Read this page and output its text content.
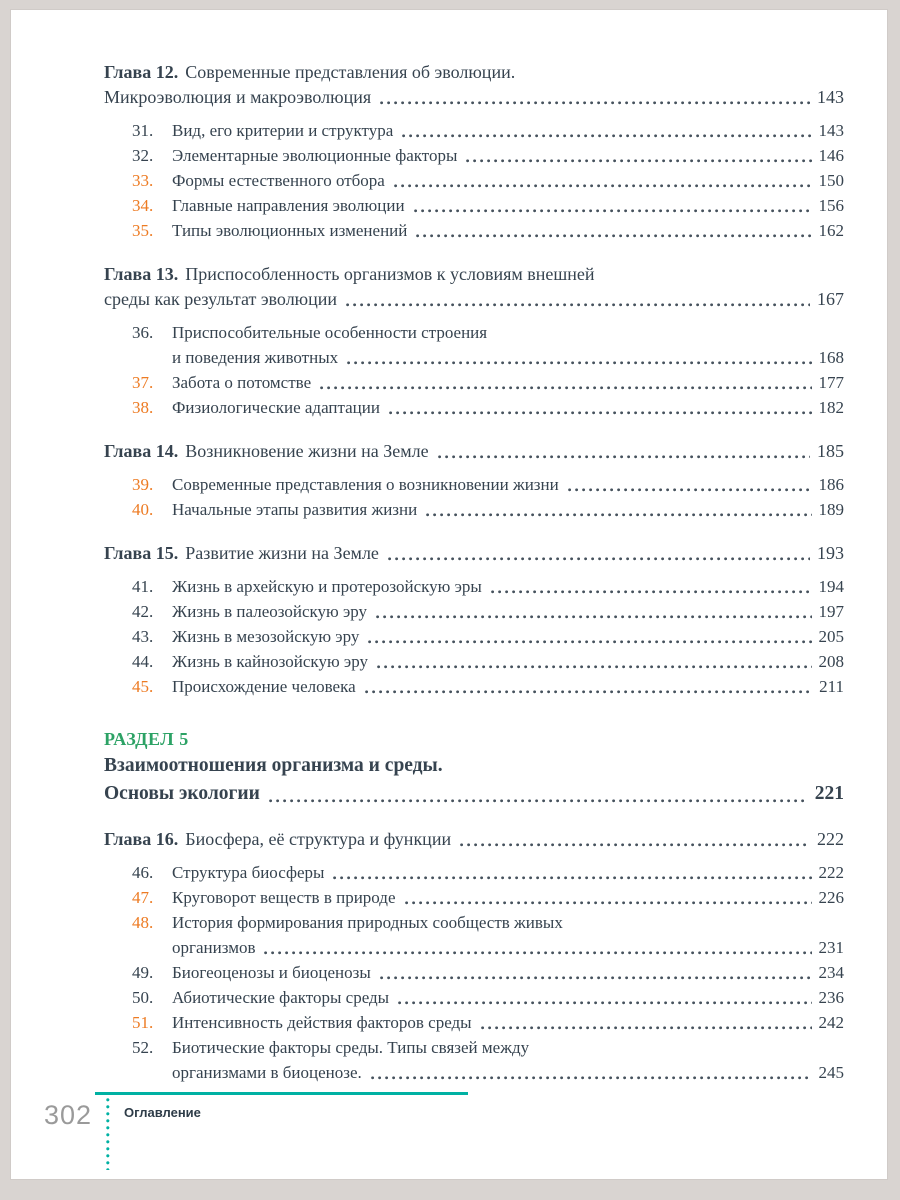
Глава 12. Современные представления об эволюции.
Микроэволюция и макроэволюция	143
31.	Вид, его критерии и структура	143
32.	Элементарные эволюционные факторы	146
33.	Формы естественного отбора	150
34.	Главные направления эволюции	156
35.	Типы эволюционных изменений	162
Глава 13. Приспособленность организмов к условиям внешней
среды как результат эволюции	167
36.	Приспособительные особенности строения
и поведения животных	168
37.	Забота о потомстве	177
38.	Физиологические адаптации	182
Глава 14. Возникновение жизни на Земле	185
39.	Современные представления о возникновении жизни	186
40.	Начальные этапы развития жизни	189
Глава 15. Развитие жизни на Земле	193
41.	Жизнь в архейскую и протерозойскую эры	194
42.	Жизнь в палеозойскую эру	197
43.	Жизнь в мезозойскую эру	205
44.	Жизнь в кайнозойскую эру	208
45.	Происхождение человека	211
РАЗДЕЛ 5
Взаимоотношения организма и среды.
Основы экологии	221
Глава 16. Биосфера, её структура и функции	222
46.	Структура биосферы	222
47.	Круговорот веществ в природе	226
48.	История формирования природных сообществ живых
организмов	231
49.	Биогеоценозы и биоценозы	234
50.	Абиотические факторы среды	236
51.	Интенсивность действия факторов среды	242
52.	Биотические факторы среды. Типы связей между
организмами в биоценозе.	245
302 Оглавление
